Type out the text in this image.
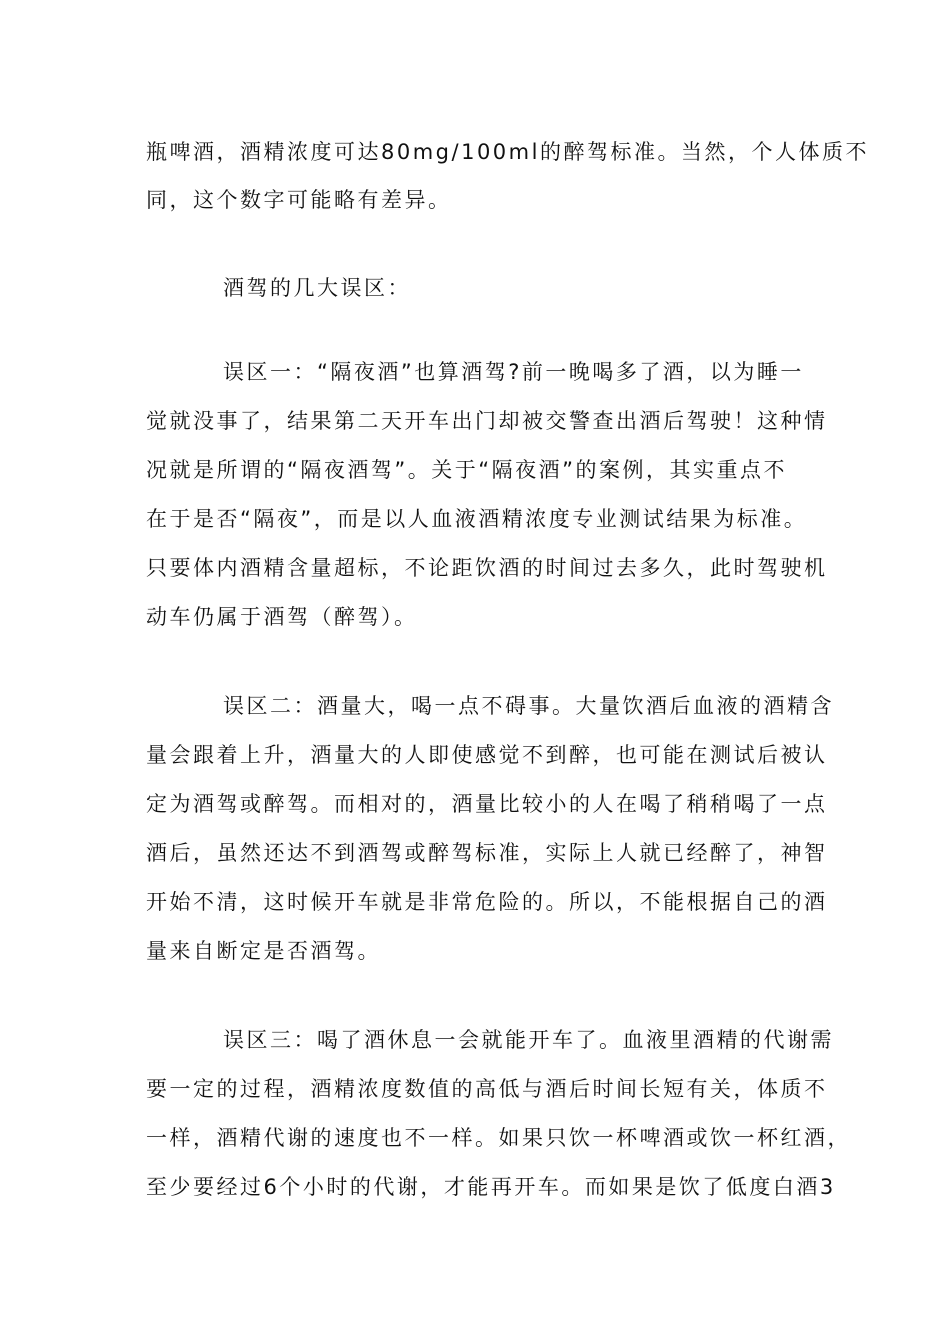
瓶啤酒，酒精浓度可达80mg/100ml的醉驾标准。当然，个人体质不
同，这个数字可能略有差异。
酒驾的几大误区：
误区一：“隔夜酒”也算酒驾?前一晚喝多了酒，以为睡一
觉就没事了，结果第二天开车出门却被交警查出酒后驾驶！这种情
况就是所谓的“隔夜酒驾”。关于“隔夜酒”的案例，其实重点不
在于是否“隔夜”，而是以人血液酒精浓度专业测试结果为标准。
只要体内酒精含量超标，不论距饮酒的时间过去多久，此时驾驶机
动车仍属于酒驾（醉驾）。
误区二：酒量大，喝一点不碍事。大量饮酒后血液的酒精含
量会跟着上升，酒量大的人即使感觉不到醉，也可能在测试后被认
定为酒驾或醉驾。而相对的，酒量比较小的人在喝了稍稍喝了一点
酒后，虽然还达不到酒驾或醉驾标准，实际上人就已经醉了，神智
开始不清，这时候开车就是非常危险的。所以，不能根据自己的酒
量来自断定是否酒驾。
误区三：喝了酒休息一会就能开车了。血液里酒精的代谢需
要一定的过程，酒精浓度数值的高低与酒后时间长短有关，体质不
一样，酒精代谢的速度也不一样。如果只饮一杯啤酒或饮一杯红酒，
至少要经过6个小时的代谢，才能再开车。而如果是饮了低度白酒3
